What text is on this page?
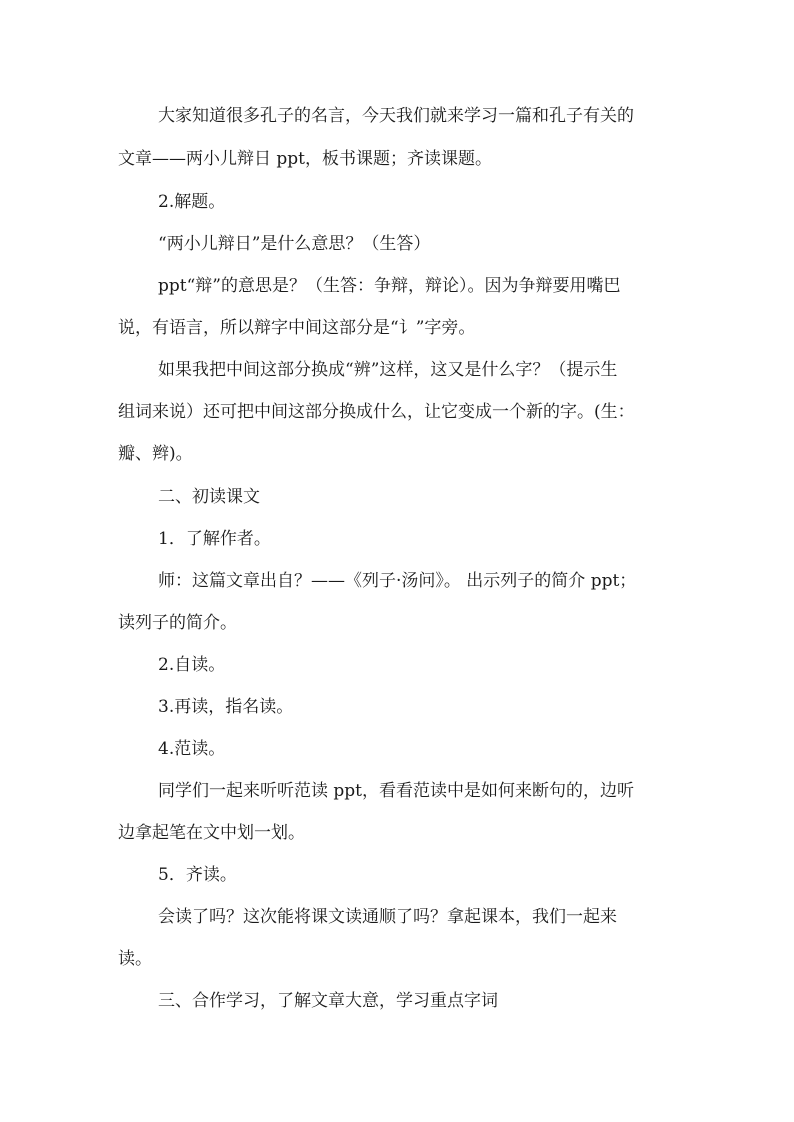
大家知道很多孔子的名言，今天我们就来学习一篇和孔子有关的
文章——两小儿辩日 ppt，板书课题；齐读课题。
2.解题。
“两小儿辩日”是什么意思？（生答）
ppt“辩”的意思是？（生答：争辩，辩论）。因为争辩要用嘴巴
说，有语言，所以辩字中间这部分是“讠”字旁。
如果我把中间这部分换成“辨”这样，这又是什么字？（提示生
组词来说）还可把中间这部分换成什么，让它变成一个新的字。(生：
瓣、辫)。
二、初读课文
1．了解作者。
师：这篇文章出自？——《列子·汤问》。 出示列子的简介 ppt；
读列子的简介。
2.自读。
3.再读，指名读。
4.范读。
同学们一起来听听范读 ppt，看看范读中是如何来断句的，边听
边拿起笔在文中划一划。
5．齐读。
会读了吗？这次能将课文读通顺了吗？拿起课本，我们一起来
读。
三、合作学习，了解文章大意，学习重点字词
